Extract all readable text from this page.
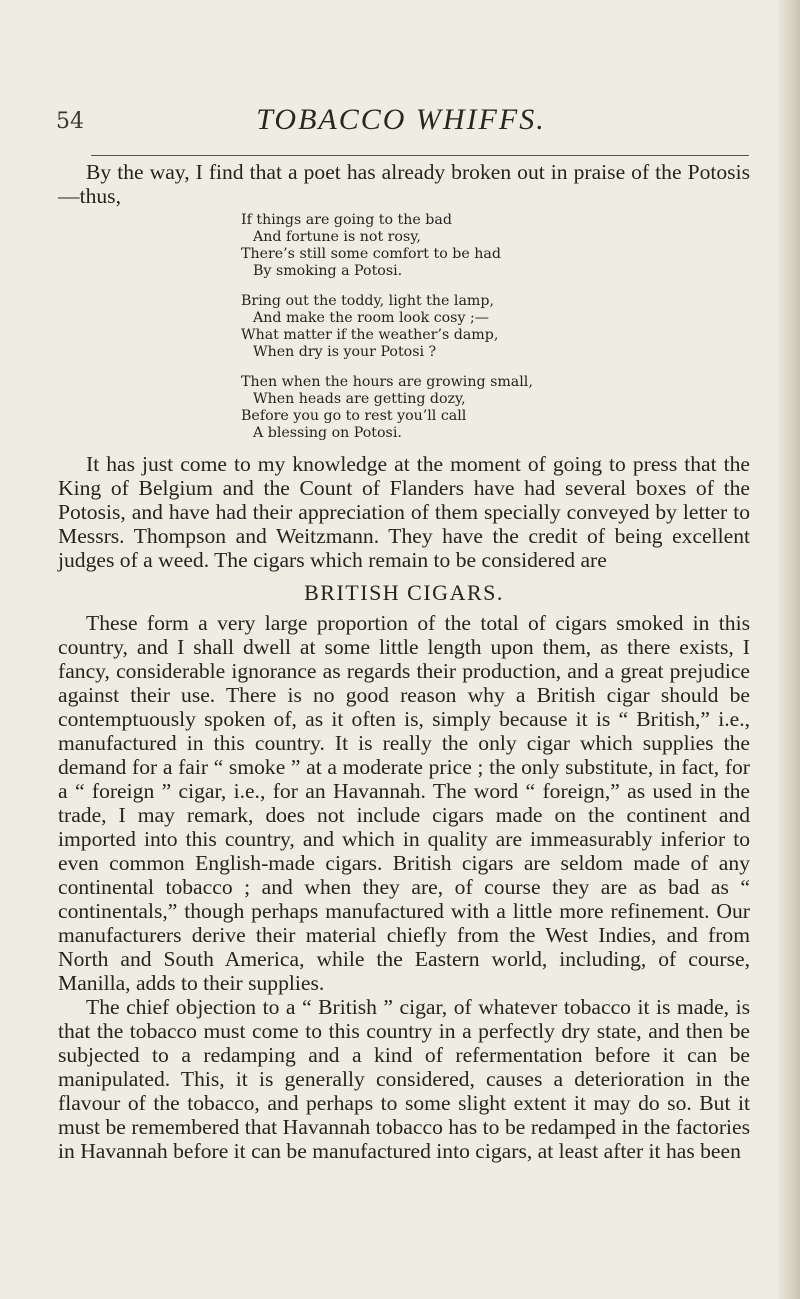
54	TOBACCO WHIFFS.

By the way, I find that a poet has already broken out in praise of the Potosis—thus,

If things are going to the bad
And fortune is not rosy,
There’s still some comfort to be had
By smoking a Potosi.
Bring out the toddy, light the lamp,
And make the room look cosy ;—
What matter if the weather’s damp,
When dry is your Potosi ?
Then when the hours are growing small,
When heads are getting dozy,
Before you go to rest you’ll call
A blessing on Potosi.

It has just come to my knowledge at the moment of going to press that the King of Belgium and the Count of Flanders have had several boxes of the Potosis, and have had their appreciation of them specially conveyed by letter to Messrs. Thompson and Weitzmann. They have the credit of being excellent judges of a weed. The cigars which remain to be considered are

BRITISH CIGARS.

These form a very large proportion of the total of cigars smoked in this country, and I shall dwell at some little length upon them, as there exists, I fancy, considerable ignorance as regards their production, and a great prejudice against their use. There is no good reason why a British cigar should be contemptuously spoken of, as it often is, simply because it is “ British,” i.e., manufactured in this country. It is really the only cigar which supplies the demand for a fair “ smoke ” at a moderate price ; the only substitute, in fact, for a “ foreign ” cigar, i.e., for an Havannah. The word “ foreign,” as used in the trade, I may remark, does not include cigars made on the continent and imported into this country, and which in quality are immeasurably inferior to even common English-made cigars. British cigars are seldom made of any continental tobacco ; and when they are, of course they are as bad as “ continentals,” though perhaps manufactured with a little more refinement. Our manufacturers derive their material chiefly from the West Indies, and from North and South America, while the Eastern world, including, of course, Manilla, adds to their supplies.

The chief objection to a “ British ” cigar, of whatever tobacco it is made, is that the tobacco must come to this country in a perfectly dry state, and then be subjected to a redamping and a kind of refermentation before it can be manipulated. This, it is generally considered, causes a deterioration in the flavour of the tobacco, and perhaps to some slight extent it may do so. But it must be remembered that Havannah tobacco has to be redamped in the factories in Havannah before it can be manufactured into cigars, at least after it has been
